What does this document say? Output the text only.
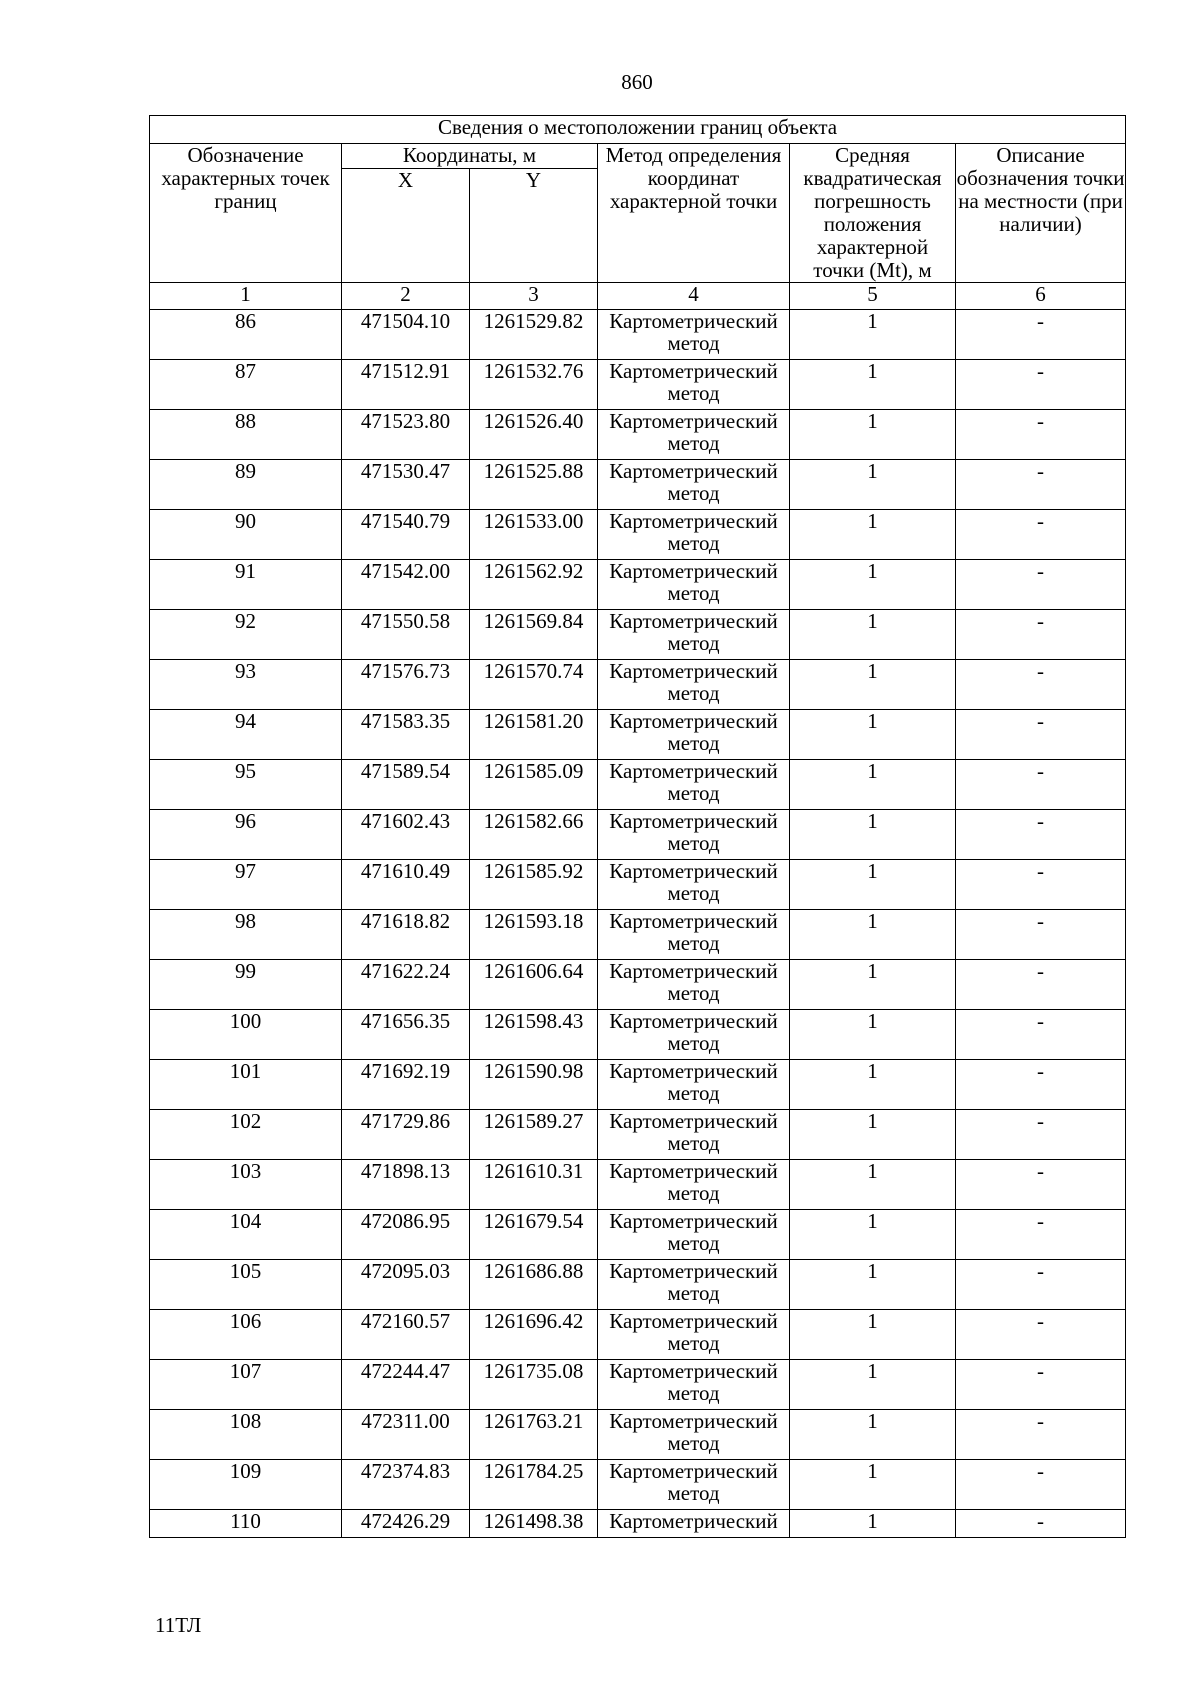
860
Сведения о местоположении границ объекта					
Обозначение характерных точек границ	Координаты, м		Метод определения координат характерной точки	Средняя квадратическая погрешность положения характерной точки (Mt), м	Описание обозначения точки на местности (при наличии)
	X	Y			
1	2	3	4	5	6
86	471504.10	1261529.82	Картометрический метод	1	-
87	471512.91	1261532.76	Картометрический метод	1	-
88	471523.80	1261526.40	Картометрический метод	1	-
89	471530.47	1261525.88	Картометрический метод	1	-
90	471540.79	1261533.00	Картометрический метод	1	-
91	471542.00	1261562.92	Картометрический метод	1	-
92	471550.58	1261569.84	Картометрический метод	1	-
93	471576.73	1261570.74	Картометрический метод	1	-
94	471583.35	1261581.20	Картометрический метод	1	-
95	471589.54	1261585.09	Картометрический метод	1	-
96	471602.43	1261582.66	Картометрический метод	1	-
97	471610.49	1261585.92	Картометрический метод	1	-
98	471618.82	1261593.18	Картометрический метод	1	-
99	471622.24	1261606.64	Картометрический метод	1	-
100	471656.35	1261598.43	Картометрический метод	1	-
101	471692.19	1261590.98	Картометрический метод	1	-
102	471729.86	1261589.27	Картометрический метод	1	-
103	471898.13	1261610.31	Картометрический метод	1	-
104	472086.95	1261679.54	Картометрический метод	1	-
105	472095.03	1261686.88	Картометрический метод	1	-
106	472160.57	1261696.42	Картометрический метод	1	-
107	472244.47	1261735.08	Картометрический метод	1	-
108	472311.00	1261763.21	Картометрический метод	1	-
109	472374.83	1261784.25	Картометрический метод	1	-
110	472426.29	1261498.38	Картометрический	1	-
11ТЛ
